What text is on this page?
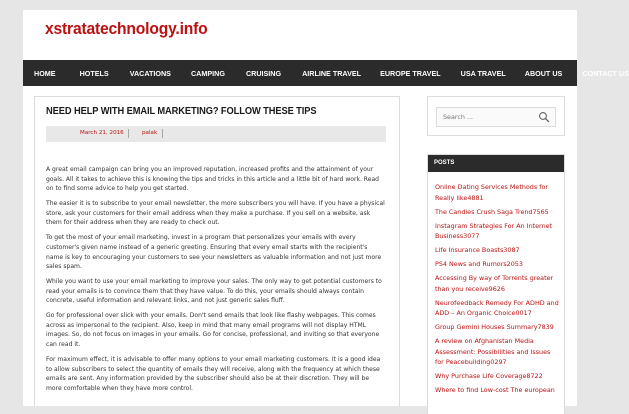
xstratatechnology.info
HOME	HOTELS	VACATIONS	CAMPING	CRUISING	AIRLINE TRAVEL	EUROPE TRAVEL	USA TRAVEL	ABOUT US	CONTACT US
NEED HELP WITH EMAIL MARKETING? FOLLOW THESE TIPS
March 21, 2016	palak

A great email campaign can bring you an improved reputation, increased profits and the attainment of your goals. All it takes to achieve this is knowing the tips and tricks in this article and a little bit of hard work. Read on to find some advice to help you get started.

The easier it is to subscribe to your email newsletter, the more subscribers you will have. If you have a physical store, ask your customers for their email address when they make a purchase. If you sell on a website, ask them for their address when they are ready to check out.

To get the most of your email marketing, invest in a program that personalizes your emails with every customer's given name instead of a generic greeting. Ensuring that every email starts with the recipient's name is key to encouraging your customers to see your newsletters as valuable information and not just more sales spam.

While you want to use your email marketing to improve your sales. The only way to get potential customers to read your emails is to convince them that they have value. To do this, your emails should always contain concrete, useful information and relevant links, and not just generic sales fluff.

Go for professional over slick with your emails. Don't send emails that look like flashy webpages. This comes across as impersonal to the recipient. Also, keep in mind that many email programs will not display HTML images. So, do not focus on images in your emails. Go for concise, professional, and inviting so that everyone can read it.

For maximum effect, it is advisable to offer many options to your email marketing customers. It is a good idea to allow subscribers to select the quantity of emails they will receive, along with the frequency at which these emails are sent. Any information provided by the subscriber should also be at their discretion. They will be more comfortable when they have more control.

Search ...
POSTS
Online Dating Services Methods for Really like4881
The Candies Crush Saga Trend7565
Instagram Strategies For An Internet Business3077
Life Insurance Boasts3087
PS4 News and Rumors2053
Accessing By way of Torrents greater than you receive9626
Neurofeedback Remedy For ADHD and ADD – An Organic Choice0017
Group Gemini Houses Summary7839
A review on Afghanistan Media Assessment: Possibilities and Issues for Peacebuilding0297
Why Purchase Life Coverage8722
Where to find Low-cost The european
